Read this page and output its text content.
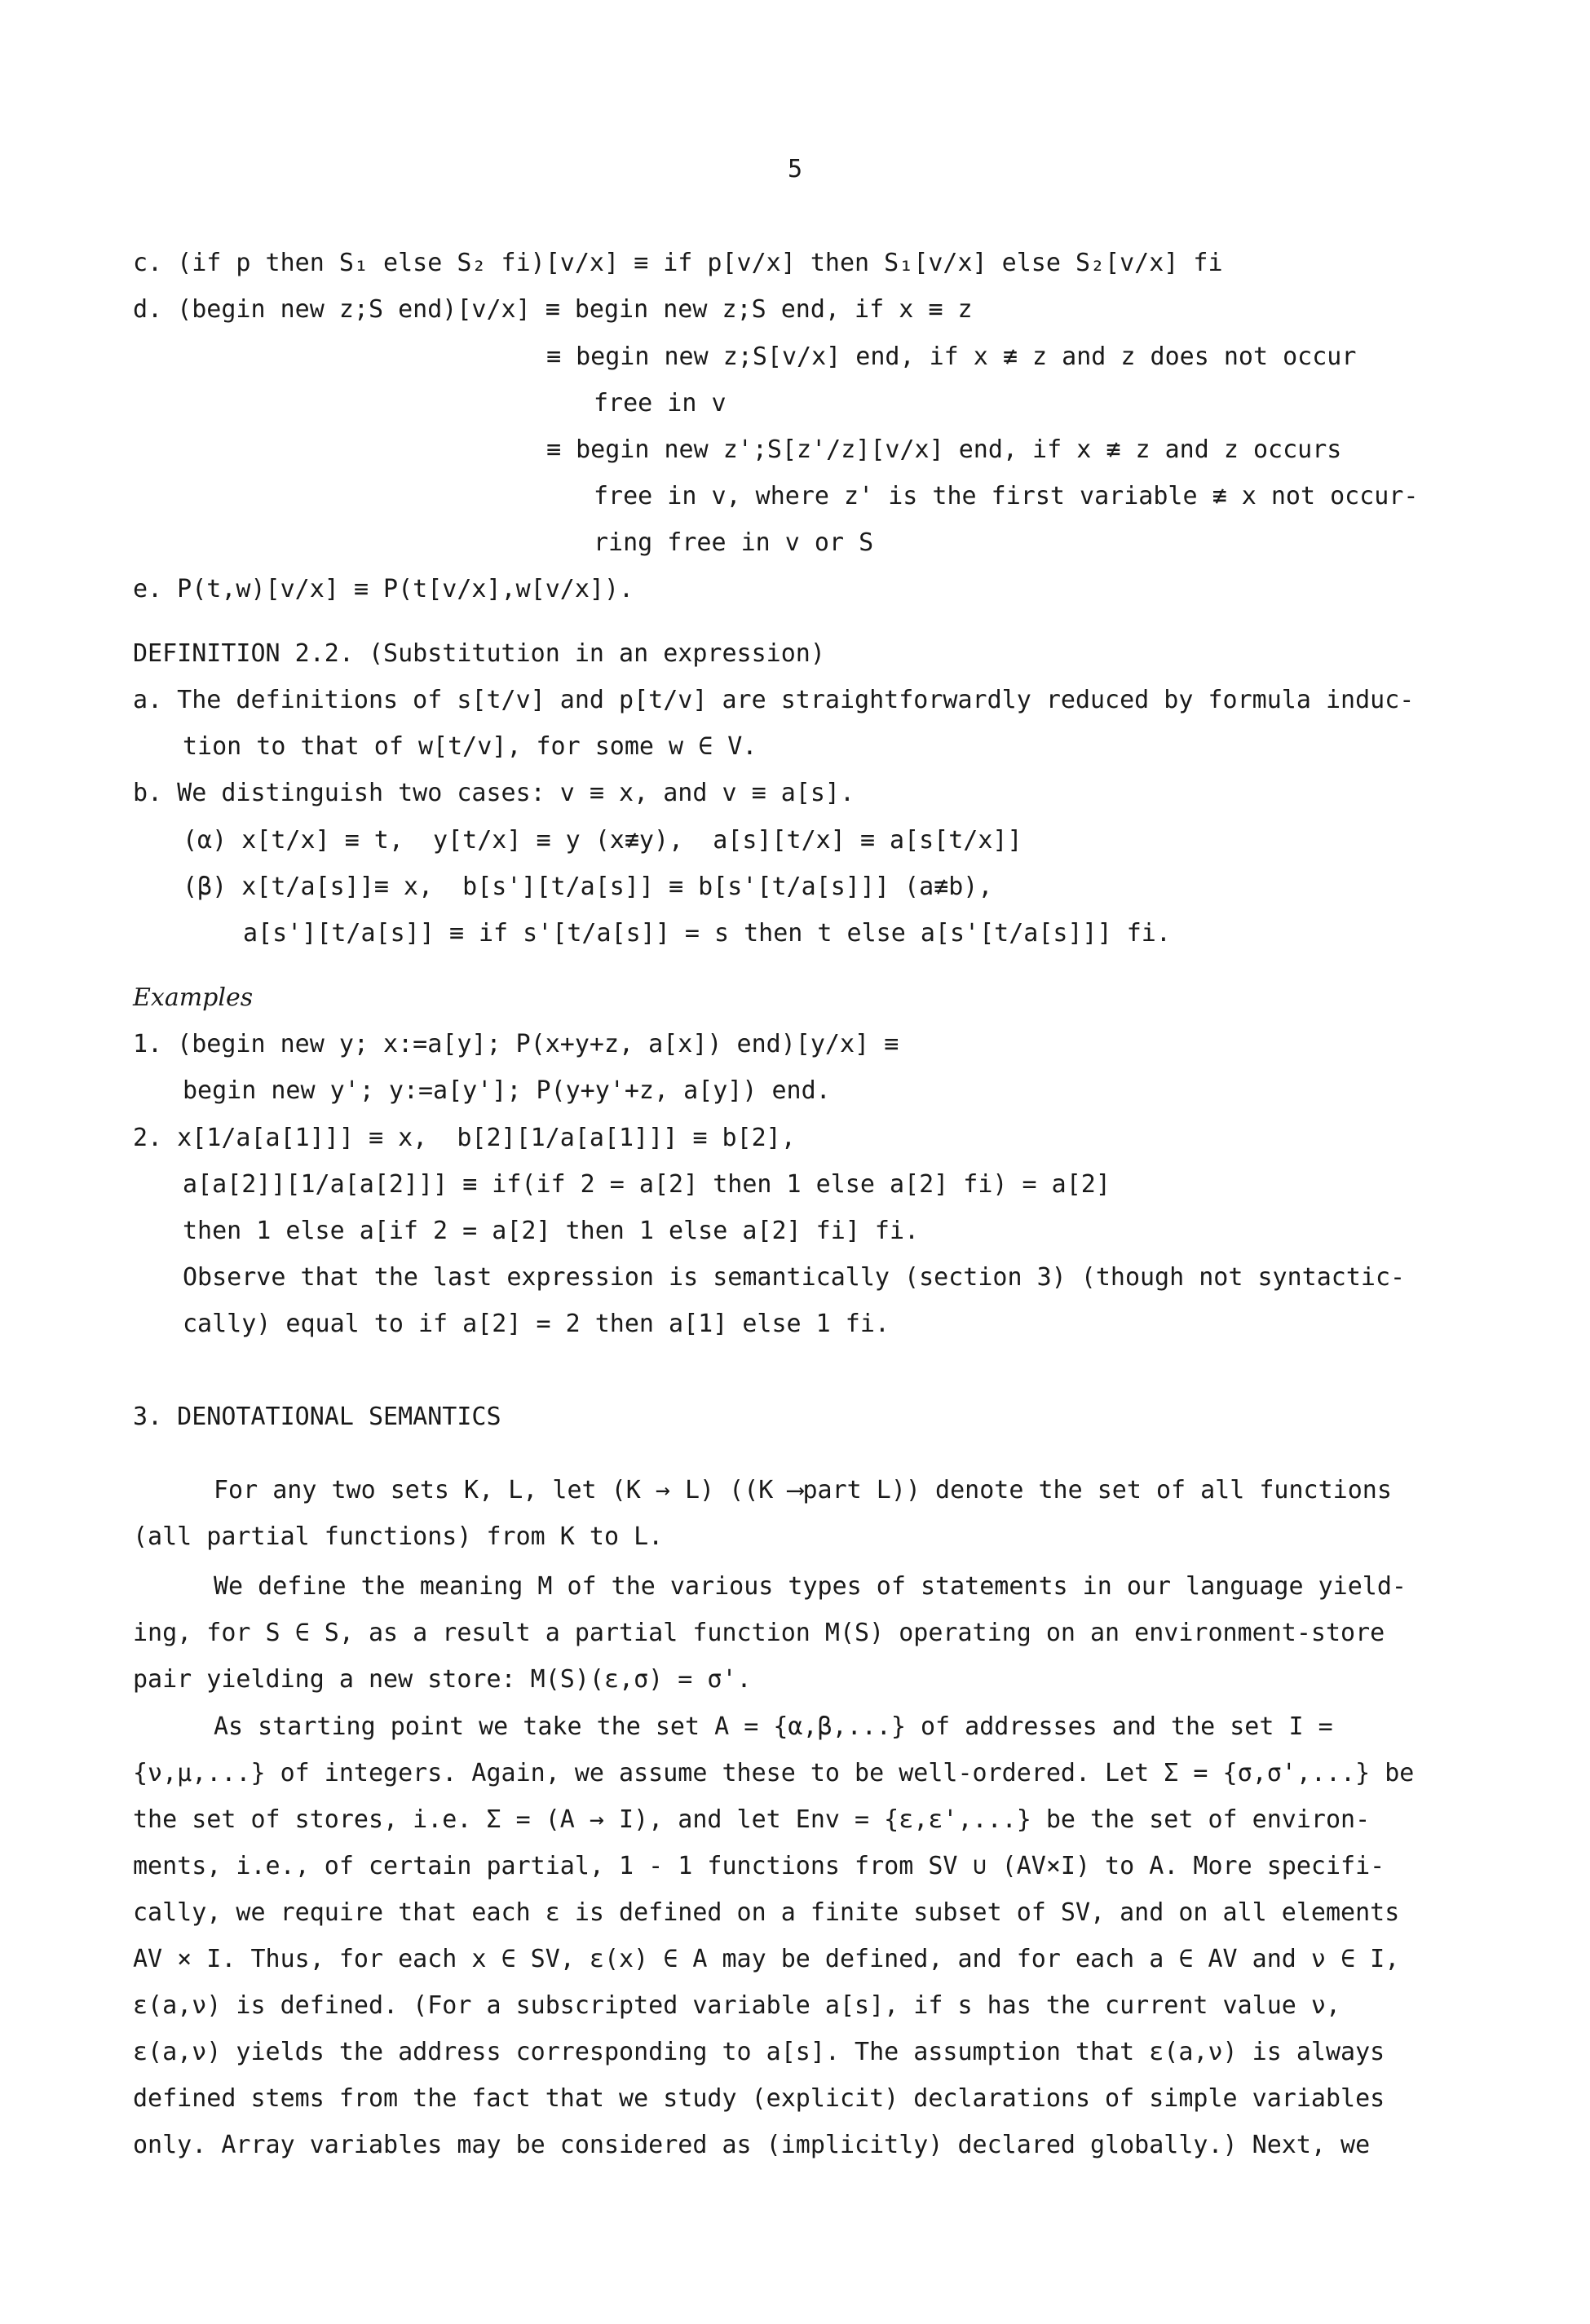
5
c. (if p then S₁ else S₂ fi)[v/x] ≡ if p[v/x] then S₁[v/x] else S₂[v/x] fi
d. (begin new z;S end)[v/x] ≡ begin new z;S end, if x ≡ z
≡ begin new z;S[v/x] end, if x ≢ z and z does not occur
free in v
≡ begin new z';S[z'/z][v/x] end, if x ≢ z and z occurs
free in v, where z' is the first variable ≢ x not occur-
ring free in v or S
e. P(t,w)[v/x] ≡ P(t[v/x],w[v/x]).
DEFINITION 2.2. (Substitution in an expression)
a. The definitions of s[t/v] and p[t/v] are straightforwardly reduced by formula induc-
tion to that of w[t/v], for some w ∈ V.
b. We distinguish two cases: v ≡ x, and v ≡ a[s].
(α) x[t/x] ≡ t,  y[t/x] ≡ y (x≢y),  a[s][t/x] ≡ a[s[t/x]]
(β) x[t/a[s]]≡ x,  b[s'][t/a[s]] ≡ b[s'[t/a[s]]] (a≢b),
a[s'][t/a[s]] ≡ if s'[t/a[s]] = s then t else a[s'[t/a[s]]] fi.
Examples
1. (begin new y; x:=a[y]; P(x+y+z, a[x]) end)[y/x] ≡
begin new y'; y:=a[y']; P(y+y'+z, a[y]) end.
2. x[1/a[a[1]]] ≡ x,  b[2][1/a[a[1]]] ≡ b[2],
a[a[2]][1/a[a[2]]] ≡ if(if 2 = a[2] then 1 else a[2] fi) = a[2]
then 1 else a[if 2 = a[2] then 1 else a[2] fi] fi.
Observe that the last expression is semantically (section 3) (though not syntactic-
cally) equal to if a[2] = 2 then a[1] else 1 fi.
3. DENOTATIONAL SEMANTICS
For any two sets K, L, let (K → L) ((K ⟶part L)) denote the set of all functions
(all partial functions) from K to L.
We define the meaning M of the various types of statements in our language yield-
ing, for S ∈ S, as a result a partial function M(S) operating on an environment-store
pair yielding a new store: M(S)(ε,σ) = σ'.
As starting point we take the set A = {α,β,...} of addresses and the set I =
{ν,μ,...} of integers. Again, we assume these to be well-ordered. Let Σ = {σ,σ',...} be
the set of stores, i.e. Σ = (A → I), and let Env = {ε,ε',...} be the set of environ-
ments, i.e., of certain partial, 1 - 1 functions from SV ∪ (AV×I) to A. More specifi-
cally, we require that each ε is defined on a finite subset of SV, and on all elements
AV × I. Thus, for each x ∈ SV, ε(x) ∈ A may be defined, and for each a ∈ AV and ν ∈ I,
ε(a,ν) is defined. (For a subscripted variable a[s], if s has the current value ν,
ε(a,ν) yields the address corresponding to a[s]. The assumption that ε(a,ν) is always
defined stems from the fact that we study (explicit) declarations of simple variables
only. Array variables may be considered as (implicitly) declared globally.) Next, we
